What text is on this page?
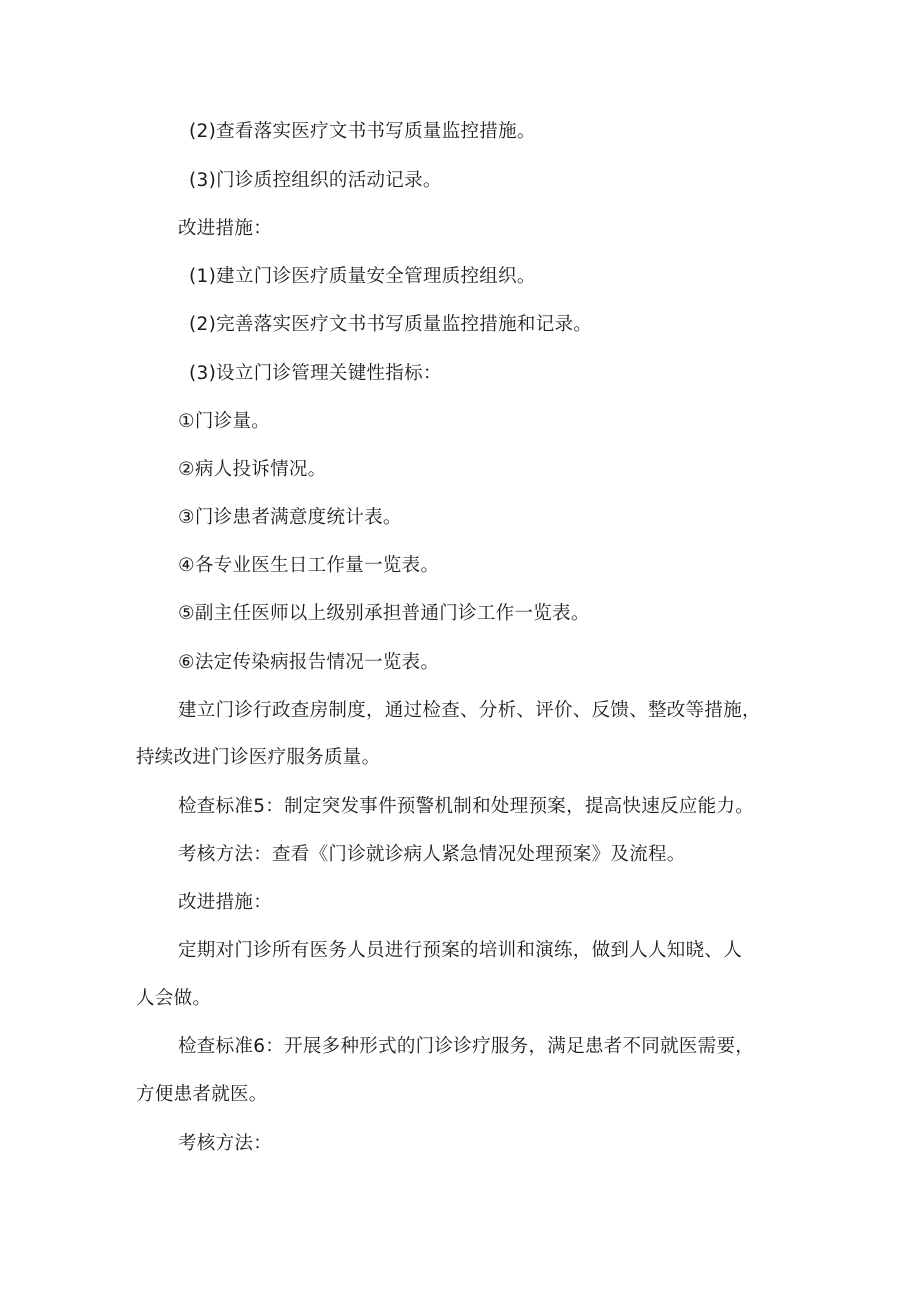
(2)查看落实医疗文书书写质量监控措施。
(3)门诊质控组织的活动记录。
改进措施：
(1)建立门诊医疗质量安全管理质控组织。
(2)完善落实医疗文书书写质量监控措施和记录。
(3)设立门诊管理关键性指标：
①门诊量。
②病人投诉情况。
③门诊患者满意度统计表。
④各专业医生日工作量一览表。
⑤副主任医师以上级别承担普通门诊工作一览表。
⑥法定传染病报告情况一览表。
建立门诊行政查房制度，通过检查、分析、评价、反馈、整改等措施，
持续改进门诊医疗服务质量。
检查标准5：制定突发事件预警机制和处理预案，提高快速反应能力。
考核方法：查看《门诊就诊病人紧急情况处理预案》及流程。
改进措施：
定期对门诊所有医务人员进行预案的培训和演练，做到人人知晓、人
人会做。
检查标准6：开展多种形式的门诊诊疗服务，满足患者不同就医需要，
方便患者就医。
考核方法：
